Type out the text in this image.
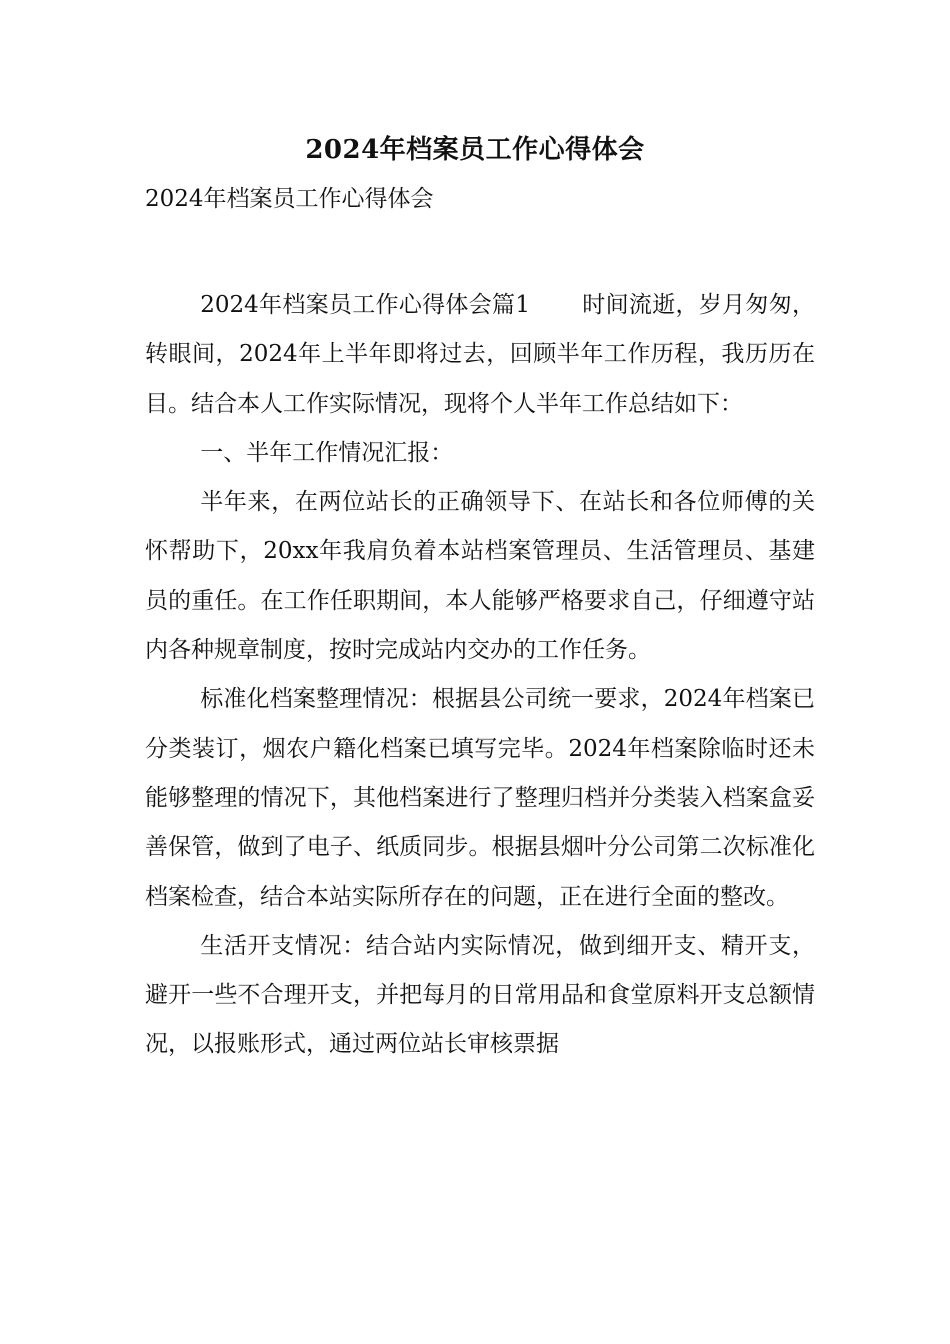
2024年档案员工作心得体会
2024年档案员工作心得体会

2024年档案员工作心得体会篇1 时间流逝，岁月匆匆，转眼间，2024年上半年即将过去，回顾半年工作历程，我历历在目。结合本人工作实际情况，现将个人半年工作总结如下：

一、半年工作情况汇报：

半年来，在两位站长的正确领导下、在站长和各位师傅的关怀帮助下，20xx年我肩负着本站档案管理员、生活管理员、基建员的重任。在工作任职期间，本人能够严格要求自己，仔细遵守站内各种规章制度，按时完成站内交办的工作任务。

标准化档案整理情况：根据县公司统一要求，2024年档案已分类装订，烟农户籍化档案已填写完毕。2024年档案除临时还未能够整理的情况下，其他档案进行了整理归档并分类装入档案盒妥善保管，做到了电子、纸质同步。根据县烟叶分公司第二次标准化档案检查，结合本站实际所存在的问题，正在进行全面的整改。

生活开支情况：结合站内实际情况，做到细开支、精开支，避开一些不合理开支，并把每月的日常用品和食堂原料开支总额情况，以报账形式，通过两位站长审核票据
